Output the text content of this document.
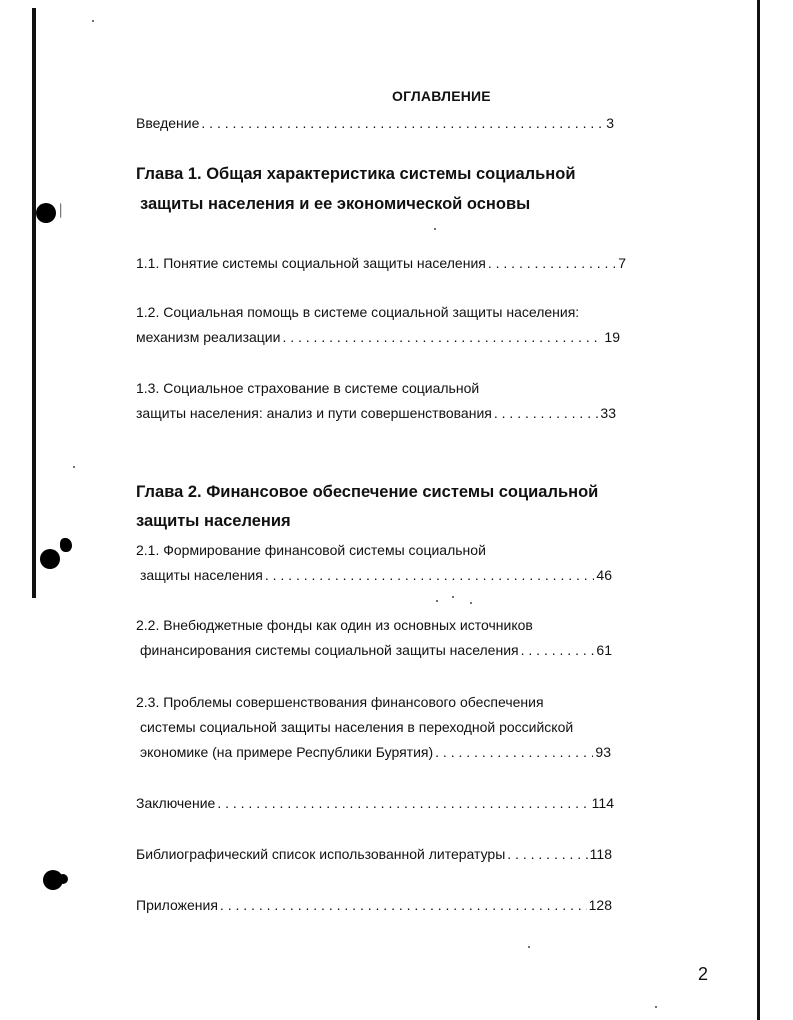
ᛁ
ОГЛАВЛЕНИЕ
Введение . . .	3
Глава 1. Общая характеристика системы социальной
защиты населения и ее экономической основы
1.1. Понятие системы социальной защиты населения . . .	7
1.2. Социальная помощь в системе социальной защиты населения:
механизм реализации . . .	19
1.3. Социальное страхование в системе социальной
защиты населения: анализ и пути совершенствования . . .	33
Глава 2. Финансовое обеспечение системы социальной
защиты населения
2.1. Формирование финансовой системы социальной
защиты населения . . .	46
2.2. Внебюджетные фонды как один из основных источников
финансирования системы социальной защиты населения . . .	61
2.3. Проблемы совершенствования финансового обеспечения
системы социальной защиты населения в переходной российской
экономике (на примере Республики Бурятия) . . .	93
Заключение . . .	114
Библиографический список использованной литературы . . .	118
Приложения . . .	128
2
